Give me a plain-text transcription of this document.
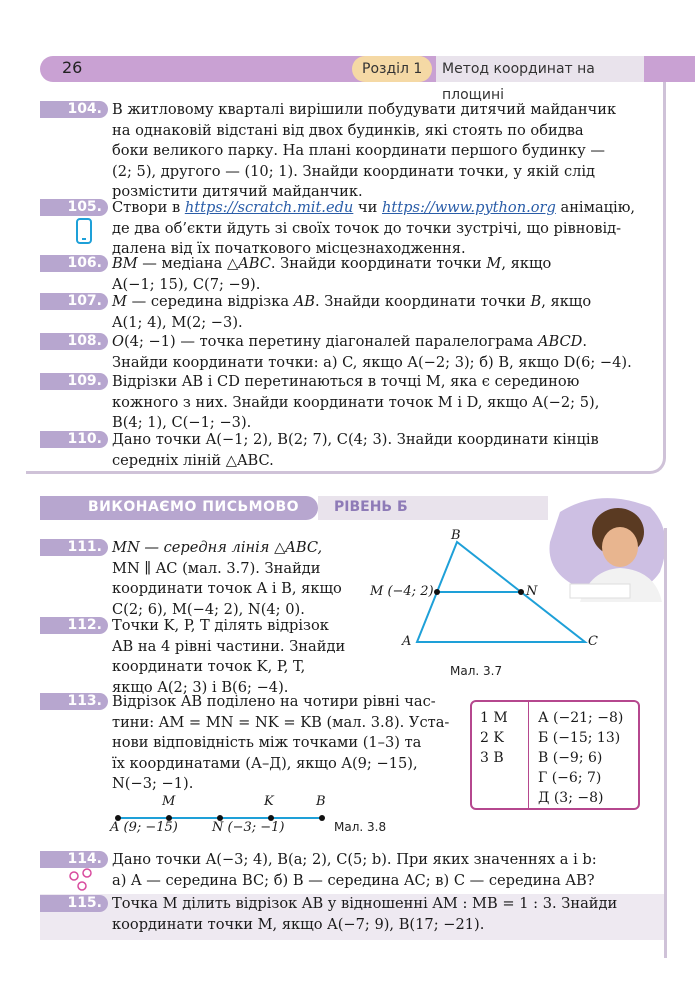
26	Розділ 1	Метод координат на площині
104. В житловому кварталі вирішили побудувати дитячий майданчик
на однаковій відстані від двох будинків, які стоять по обидва
боки великого парку. На плані координати першого будинку —
(2; 5), другого — (10; 1). Знайди координати точки, у якій слід
розмістити дитячий майданчик.
105. Створи в https://scratch.mit.edu чи https://www.python.org анімацію,
де два об’єкти йдуть зі своїх точок до точки зустрічі, що рівновід-
далена від їх початкового місцезнаходження.
106. BM — медіана △ABC. Знайди координати точки M, якщо
A(−1; 15), C(7; −9).
107. M — середина відрізка AB. Знайди координати точки B, якщо
A(1; 4), M(2; −3).
108. O(4; −1) — точка перетину діагоналей паралелограма ABCD.
Знайди координати точки: а) C, якщо A(−2; 3); б) B, якщо D(6; −4).
109. Відрізки AB і CD перетинаються в точці M, яка є серединою
кожного з них. Знайди координати точок M і D, якщо A(−2; 5),
B(4; 1), C(−1; −3).
110. Дано точки A(−1; 2), B(2; 7), C(4; 3). Знайди координати кінців
середніх ліній △ABC.
ВИКОНАЄМО ПИСЬМОВО РІВЕНЬ Б
111. MN — середня лінія △ABC,
MN ∥ AC (мал. 3.7). Знайди
координати точок A і B, якщо
C(2; 6), M(−4; 2), N(4; 0).
112. Точки K, P, T ділять відрізок
AB на 4 рівні частини. Знайди
координати точок K, P, T,
якщо A(2; 3) і B(6; −4).
B
M (−4; 2)	N
A	C
Мал. 3.7
113. Відрізок AB поділено на чотири рівні час-
тини: AM = MN = NK = KB (мал. 3.8). Уста-
нови відповідність між точками (1–3) та
їх координатами (А–Д), якщо A(9; −15),
N(−3; −1).
1 M
2 K
3 B
А (−21; −8)
Б (−15; 13)
В (−9; 6)
Г (−6; 7)
Д (3; −8)
M	K	B
A (9; −15)	N (−3; −1)	Мал. 3.8
114. Дано точки A(−3; 4), B(a; 2), C(5; b). При яких значеннях a і b:
а) A — середина BC; б) B — середина AC; в) C — середина AB?
115. Точка M ділить відрізок AB у відношенні AM : MB = 1 : 3. Знайди
координати точки M, якщо A(−7; 9), B(17; −21).
